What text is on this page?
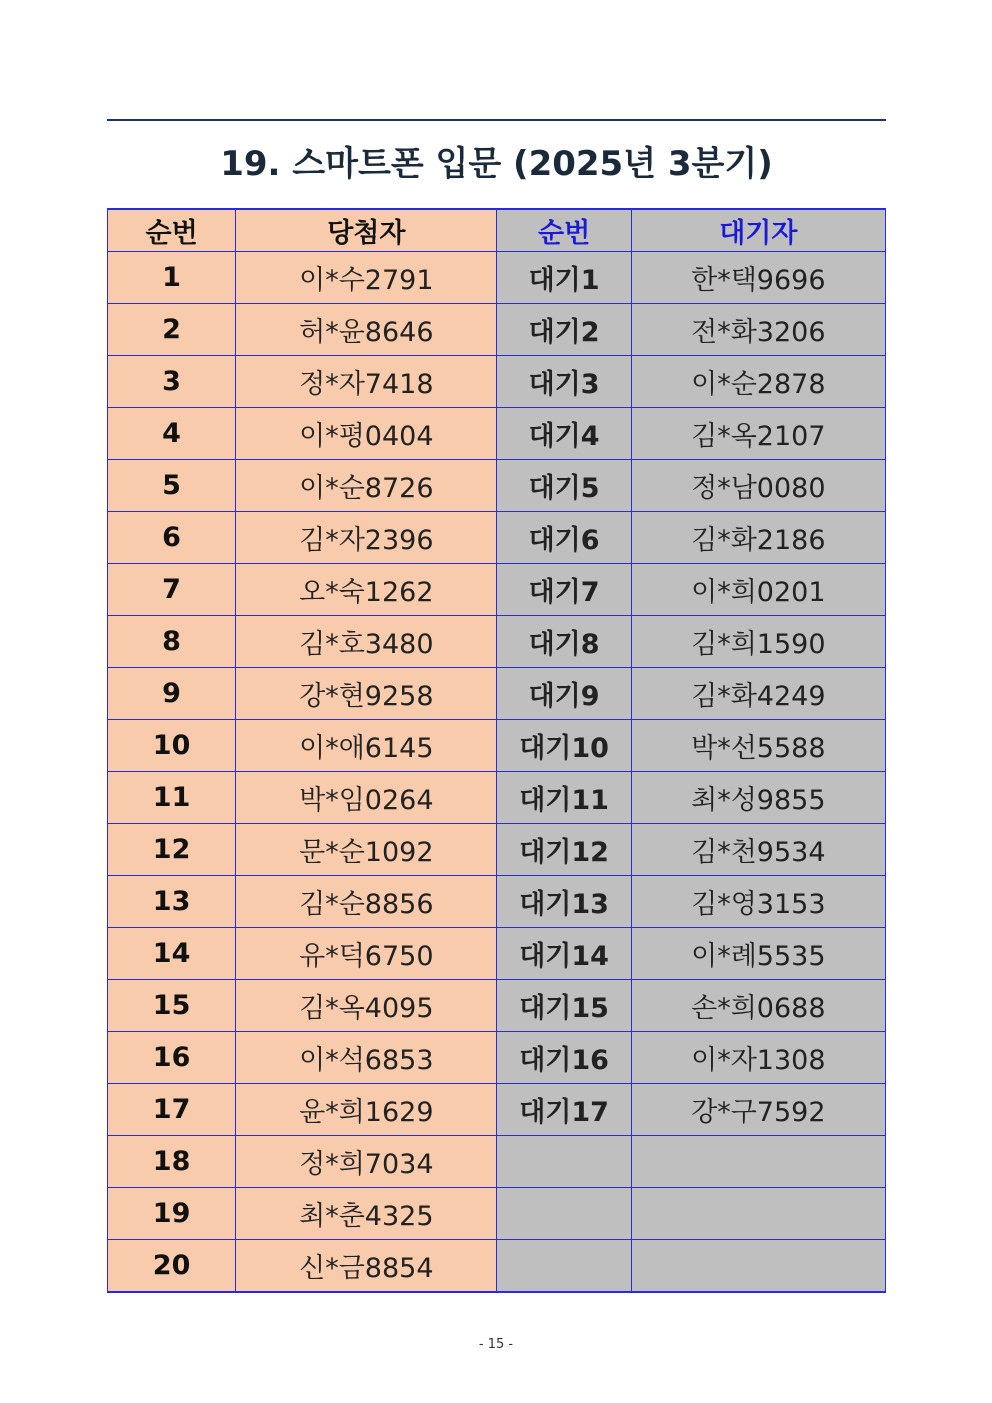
19. 스마트폰 입문 (2025년 3분기)
순번	당첨자	순번	대기자
1	이*수2791	대기1	한*택9696
2	허*윤8646	대기2	전*화3206
3	정*자7418	대기3	이*순2878
4	이*평0404	대기4	김*옥2107
5	이*순8726	대기5	정*남0080
6	김*자2396	대기6	김*화2186
7	오*숙1262	대기7	이*희0201
8	김*호3480	대기8	김*희1590
9	강*현9258	대기9	김*화4249
10	이*애6145	대기10	박*선5588
11	박*임0264	대기11	최*성9855
12	문*순1092	대기12	김*천9534
13	김*순8856	대기13	김*영3153
14	유*덕6750	대기14	이*례5535
15	김*옥4095	대기15	손*희0688
16	이*석6853	대기16	이*자1308
17	윤*희1629	대기17	강*구7592
18	정*희7034		
19	최*춘4325		
20	신*금8854		
- 15 -
